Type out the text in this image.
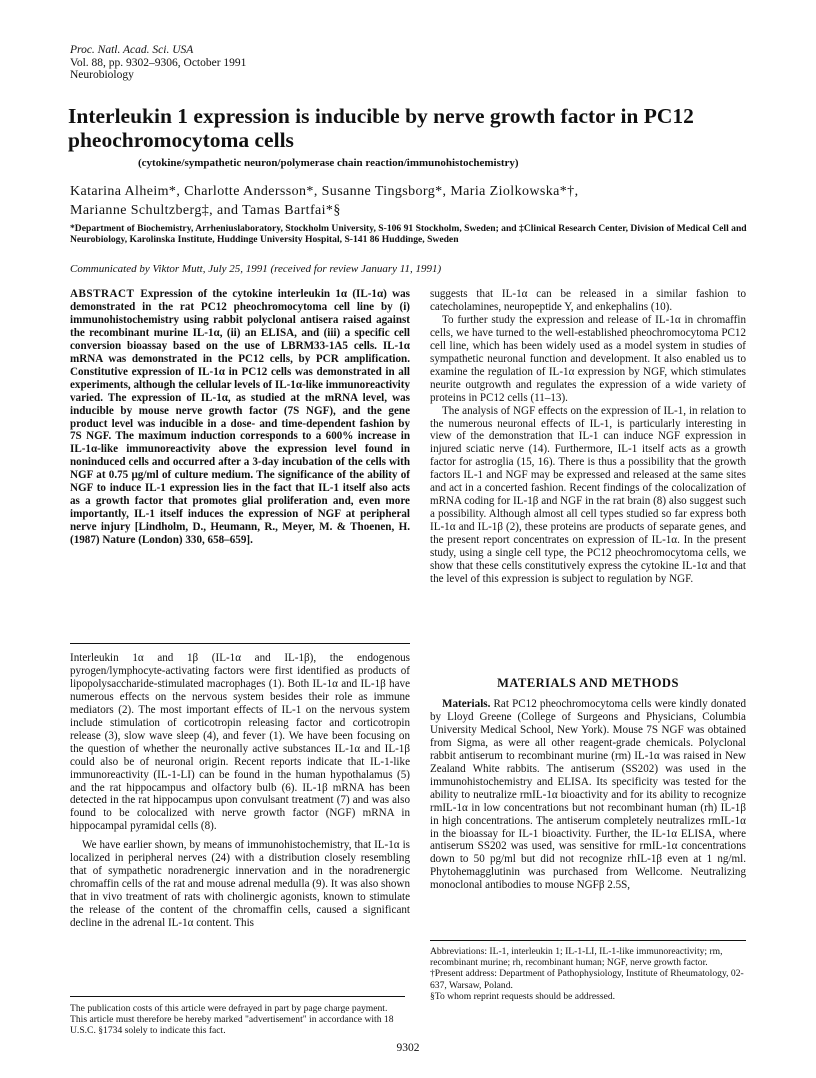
Proc. Natl. Acad. Sci. USA
Vol. 88, pp. 9302–9306, October 1991
Neurobiology
Interleukin 1 expression is inducible by nerve growth factor in PC12 pheochromocytoma cells
(cytokine/sympathetic neuron/polymerase chain reaction/immunohistochemistry)
Katarina Alheim*, Charlotte Andersson*, Susanne Tingsborg*, Maria Ziolkowska*†,
Marianne Schultzberg‡, and Tamas Bartfai*§
*Department of Biochemistry, Arrheniuslaboratory, Stockholm University, S-106 91 Stockholm, Sweden; and ‡Clinical Research Center, Division of Medical Cell and Neurobiology, Karolinska Institute, Huddinge University Hospital, S-141 86 Huddinge, Sweden
Communicated by Viktor Mutt, July 25, 1991 (received for review January 11, 1991)

ABSTRACT Expression of the cytokine interleukin 1α (IL-1α) was demonstrated in the rat PC12 pheochromocytoma cell line by (i) immunohistochemistry using rabbit polyclonal antisera raised against the recombinant murine IL-1α, (ii) an ELISA, and (iii) a specific cell conversion bioassay based on the use of LBRM33-1A5 cells. IL-1α mRNA was demonstrated in the PC12 cells, by PCR amplification. Constitutive expression of IL-1α in PC12 cells was demonstrated in all experiments, although the cellular levels of IL-1α-like immunoreactivity varied. The expression of IL-1α, as studied at the mRNA level, was inducible by mouse nerve growth factor (7S NGF), and the gene product level was inducible in a dose- and time-dependent fashion by 7S NGF. The maximum induction corresponds to a 600% increase in IL-1α-like immunoreactivity above the expression level found in noninduced cells and occurred after a 3-day incubation of the cells with NGF at 0.75 μg/ml of culture medium. The significance of the ability of NGF to induce IL-1 expression lies in the fact that IL-1 itself also acts as a growth factor that promotes glial proliferation and, even more importantly, IL-1 itself induces the expression of NGF at peripheral nerve injury [Lindholm, D., Heumann, R., Meyer, M. & Thoenen, H. (1987) Nature (London) 330, 658–659].

Interleukin 1α and 1β (IL-1α and IL-1β), the endogenous pyrogen/lymphocyte-activating factors were first identified as products of lipopolysaccharide-stimulated macrophages (1). Both IL-1α and IL-1β have numerous effects on the nervous system besides their role as immune mediators (2). The most important effects of IL-1 on the nervous system include stimulation of corticotropin releasing factor and corticotropin release (3), slow wave sleep (4), and fever (1). We have been focusing on the question of whether the neuronally active substances IL-1α and IL-1β could also be of neuronal origin. Recent reports indicate that IL-1-like immunoreactivity (IL-1-LI) can be found in the human hypothalamus (5) and the rat hippocampus and olfactory bulb (6). IL-1β mRNA has been detected in the rat hippocampus upon convulsant treatment (7) and was also found to be colocalized with nerve growth factor (NGF) mRNA in hippocampal pyramidal cells (8).

We have earlier shown, by means of immunohistochemistry, that IL-1α is localized in peripheral nerves (24) with a distribution closely resembling that of sympathetic noradrenergic innervation and in the noradrenergic chromaffin cells of the rat and mouse adrenal medulla (9). It was also shown that in vivo treatment of rats with cholinergic agonists, known to stimulate the release of the content of the chromaffin cells, caused a significant decline in the adrenal IL-1α content. This

suggests that IL-1α can be released in a similar fashion to catecholamines, neuropeptide Y, and enkephalins (10).

To further study the expression and release of IL-1α in chromaffin cells, we have turned to the well-established pheochromocytoma PC12 cell line, which has been widely used as a model system in studies of sympathetic neuronal function and development. It also enabled us to examine the regulation of IL-1α expression by NGF, which stimulates neurite outgrowth and regulates the expression of a wide variety of proteins in PC12 cells (11–13).

The analysis of NGF effects on the expression of IL-1, in relation to the numerous neuronal effects of IL-1, is particularly interesting in view of the demonstration that IL-1 can induce NGF expression in injured sciatic nerve (14). Furthermore, IL-1 itself acts as a growth factor for astroglia (15, 16). There is thus a possibility that the growth factors IL-1 and NGF may be expressed and released at the same sites and act in a concerted fashion. Recent findings of the colocalization of mRNA coding for IL-1β and NGF in the rat brain (8) also suggest such a possibility. Although almost all cell types studied so far express both IL-1α and IL-1β (2), these proteins are products of separate genes, and the present report concentrates on expression of IL-1α. In the present study, using a single cell type, the PC12 pheochromocytoma cells, we show that these cells constitutively express the cytokine IL-1α and that the level of this expression is subject to regulation by NGF.

MATERIALS AND METHODS

Materials. Rat PC12 pheochromocytoma cells were kindly donated by Lloyd Greene (College of Surgeons and Physicians, Columbia University Medical School, New York). Mouse 7S NGF was obtained from Sigma, as were all other reagent-grade chemicals. Polyclonal rabbit antiserum to recombinant murine (rm) IL-1α was raised in New Zealand White rabbits. The antiserum (SS202) was used in the immunohistochemistry and ELISA. Its specificity was tested for the ability to neutralize rmIL-1α bioactivity and for its ability to recognize rmIL-1α in low concentrations but not recombinant human (rh) IL-1β in high concentrations. The antiserum completely neutralizes rmIL-1α in the bioassay for IL-1 bioactivity. Further, the IL-1α ELISA, where antiserum SS202 was used, was sensitive for rmIL-1α concentrations down to 50 pg/ml but did not recognize rhIL-1β even at 1 ng/ml. Phytohemagglutinin was purchased from Wellcome. Neutralizing monoclonal antibodies to mouse NGFβ 2.5S,

The publication costs of this article were defrayed in part by page charge payment. This article must therefore be hereby marked "advertisement" in accordance with 18 U.S.C. §1734 solely to indicate this fact.

Abbreviations: IL-1, interleukin 1; IL-1-LI, IL-1-like immunoreactivity; rm, recombinant murine; rh, recombinant human; NGF, nerve growth factor.

†Present address: Department of Pathophysiology, Institute of Rheumatology, 02-637, Warsaw, Poland.

§To whom reprint requests should be addressed.

9302
